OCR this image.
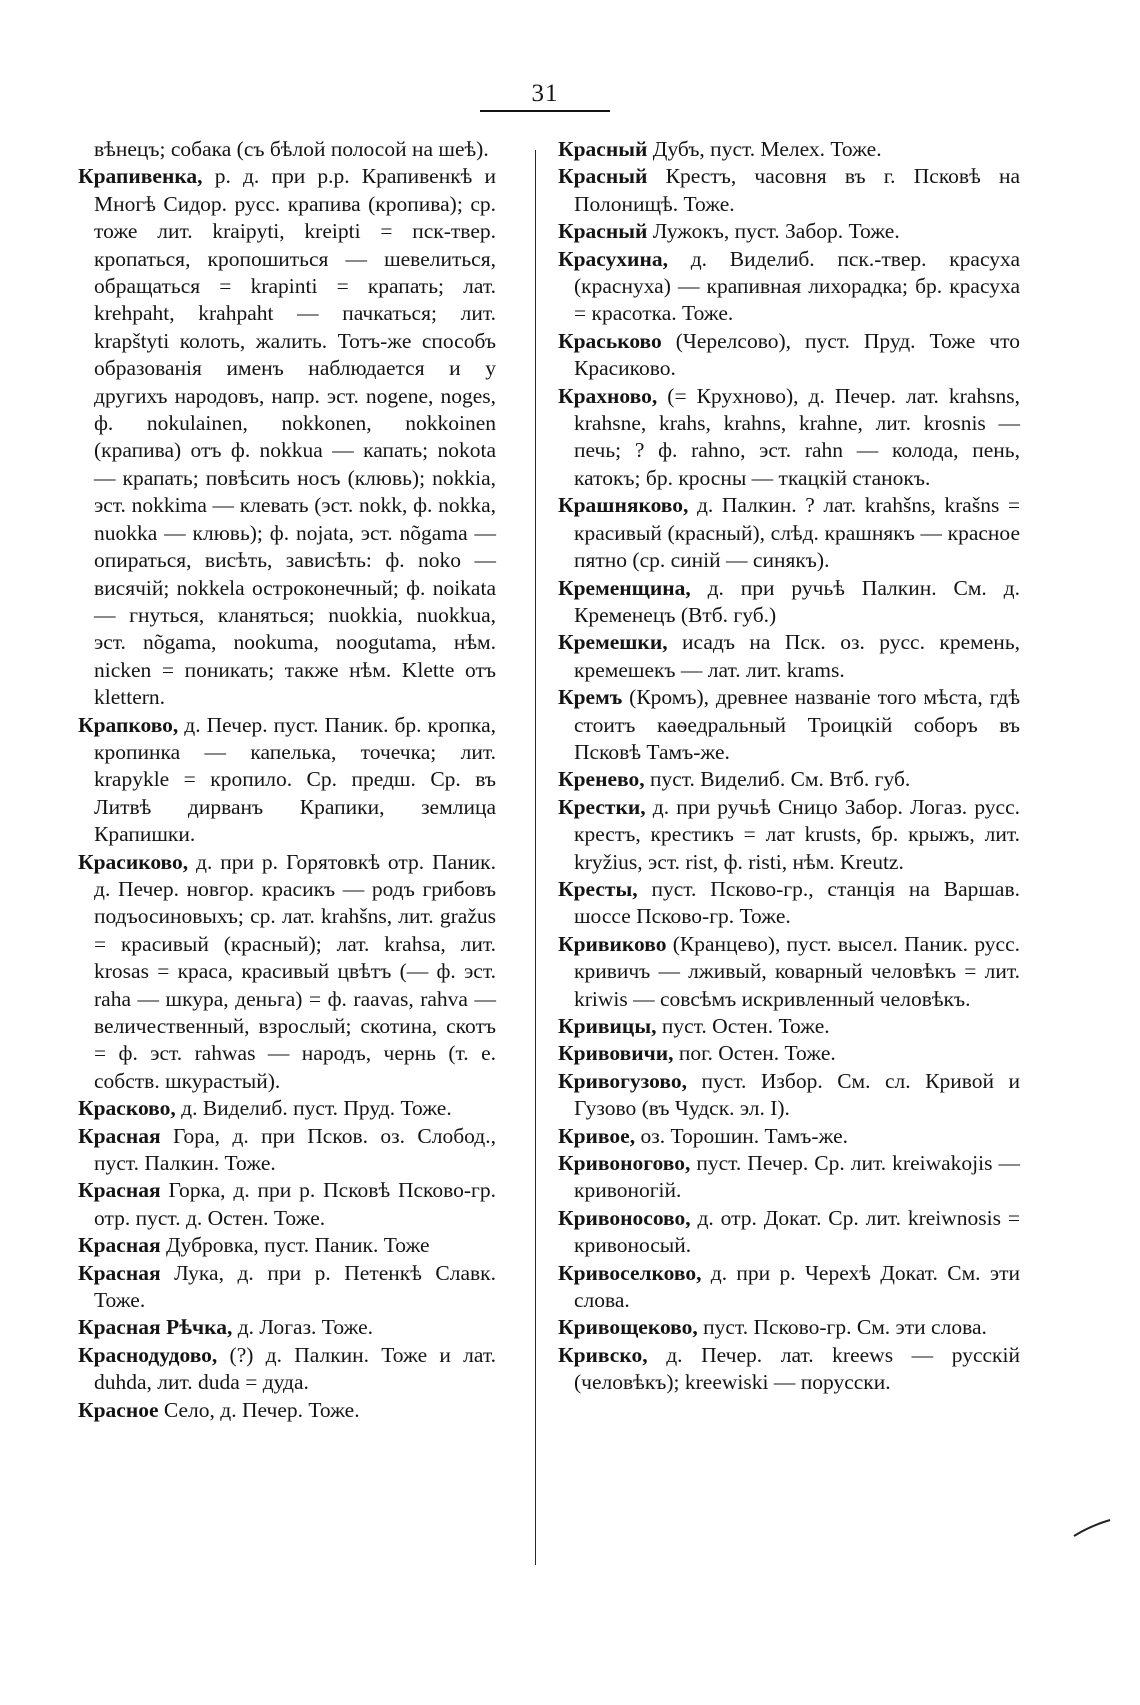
31

вѣнецъ; собака (съ бѣлой полосой на шеѣ).

Крапивенка, р. д. при р.р. Крапивенкѣ и Многѣ Сидор. русс. крапива (кропива); ср. тоже лит. kraipyti, kreipti = пск-твер. кропаться, кропошиться — шевелиться, обращаться = krapinti = крапать; лат. krehpaht, krahpaht — пачкаться; лит. krapštyti колоть, жалить. Тотъ-же способъ образованія именъ наблюдается и у другихъ народовъ, напр. эст. nogene, noges, ф. nokulainen, nokkonen, nokkoinen (крапива) отъ ф. nokkua — капать; nokota — крапать; повѣсить носъ (клювь); nokkia, эст. nokkima — клевать (эст. nokk, ф. nokka, nuokka — клювь); ф. nojata, эст. nõgama — опираться, висѣть, зависѣть: ф. noko — висячій; nokkela остроконечный; ф. noikata — гнуться, кланяться; nuokkia, nuokkua, эст. nõgama, nookuma, noogutama, нѣм. nicken = поникать; также нѣм. Klette отъ klettern.

Крапково, д. Печер. пуст. Паник. бр. кропка, кропинка — капелька, точечка; лит. krapykle = кропило. Ср. предш. Ср. въ Литвѣ дирванъ Крапики, землица Крапишки.

Красиково, д. при р. Горятовкѣ отр. Паник. д. Печер. новгор. красикъ — родъ грибовъ подъосиновыхъ; ср. лат. krahšns, лит. gražus = красивый (красный); лат. krahsa, лит. krosas = краса, красивый цвѣтъ (— ф. эст. raha — шкура, деньга) = ф. raavas, rahva — величественный, взрослый; скотина, скотъ = ф. эст. rahwas — народъ, чернь (т. е. собств. шкурастый).

Красково, д. Виделиб. пуст. Пруд. Тоже.

Красная Гора, д. при Псков. оз. Слобод., пуст. Палкин. Тоже.

Красная Горка, д. при р. Псковѣ Псково-гр. отр. пуст. д. Остен. Тоже.

Красная Дубровка, пуст. Паник. Тоже

Красная Лука, д. при р. Петенкѣ Славк. Тоже.

Красная Рѣчка, д. Логаз. Тоже.

Краснодудово, (?) д. Палкин. Тоже и лат. duhda, лит. duda = дуда.

Красное Село, д. Печер. Тоже.

Красный Дубъ, пуст. Мелех. Тоже.

Красный Крестъ, часовня въ г. Псковѣ на Полонищѣ. Тоже.

Красный Лужокъ, пуст. Забор. Тоже.

Красухина, д. Виделиб. пск.-твер. красуха (краснуха) — крапивная лихорадка; бр. красуха = красотка. Тоже.

Краськово (Черелсово), пуст. Пруд. Тоже что Красиково.

Крахново, (= Крухново), д. Печер. лат. krahsns, krahsne, krahs, krahns, krahne, лит. krosnis — печь; ? ф. rahno, эст. rahn — колода, пень, катокъ; бр. кросны — ткацкій станокъ.

Крашняково, д. Палкин. ? лат. krahšns, krašns = красивый (красный), слѣд. крашнякъ — красное пятно (ср. синій — синякъ).

Кременщина, д. при ручьѣ Палкин. См. д. Кременецъ (Втб. губ.)

Кремешки, исадъ на Пск. оз. русс. кремень, кремешекъ — лат. лит. krams.

Кремъ (Кромъ), древнее названіе того мѣста, гдѣ стоитъ каѳедральный Троицкій соборъ въ Псковѣ Тамъ-же.

Кренево, пуст. Виделиб. См. Втб. губ.

Крестки, д. при ручьѣ Сницо Забор. Логаз. русс. крестъ, крестикъ = лат krusts, бр. крыжъ, лит. kryžius, эст. rist, ф. risti, нѣм. Kreutz.

Кресты, пуст. Псково-гр., станція на Варшав. шоссе Псково-гр. Тоже.

Кривиково (Кранцево), пуст. высел. Паник. русс. кривичъ — лживый, коварный человѣкъ = лит. kriwis — совсѣмъ искривленный человѣкъ.

Кривицы, пуст. Остен. Тоже.

Кривовичи, пог. Остен. Тоже.

Кривогузово, пуст. Избор. См. сл. Кривой и Гузово (въ Чудск. эл. I).

Кривое, оз. Торошин. Тамъ-же.

Кривоногово, пуст. Печер. Ср. лит. kreiwakojis — кривоногій.

Кривоносово, д. отр. Докат. Ср. лит. kreiwnosis = кривоносый.

Кривоселково, д. при р. Черехѣ Докат. См. эти слова.

Кривощеково, пуст. Псково-гр. См. эти слова.

Кривско, д. Печер. лат. kreews — русскій (человѣкъ); kreewiski — порусски.
